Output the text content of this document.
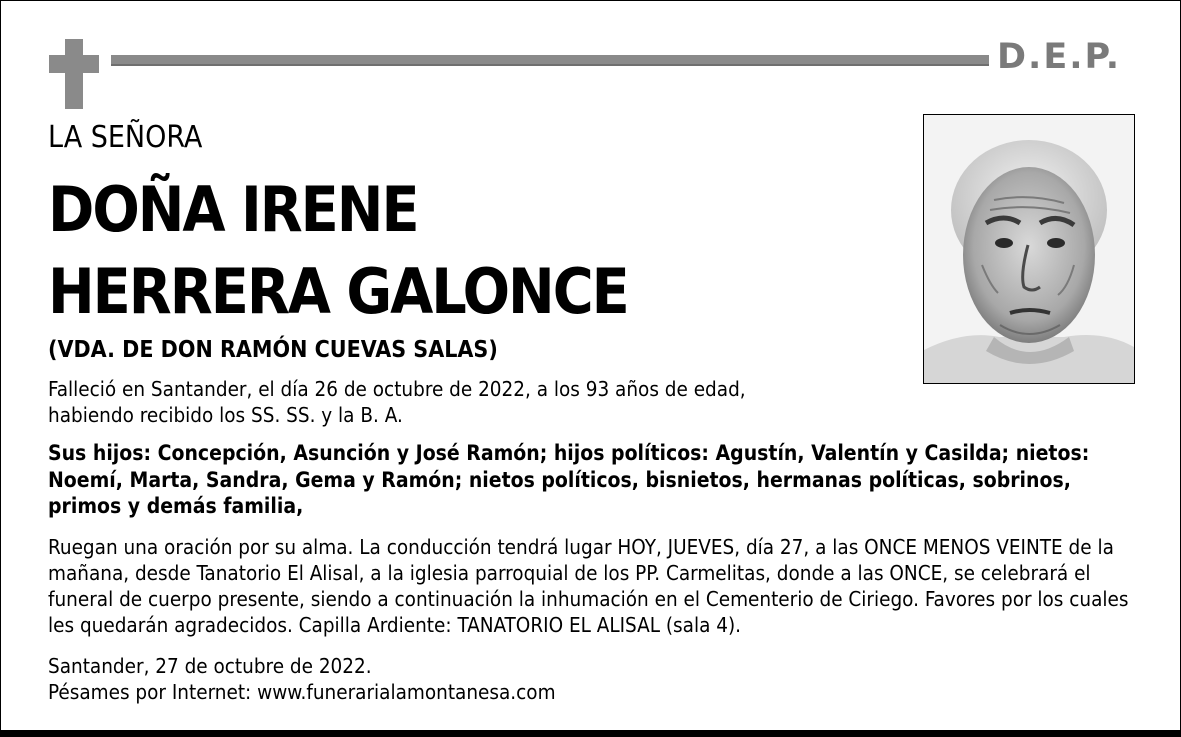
D.E.P.
LA SEÑORA
DOÑA IRENE
HERRERA GALONCE
(VDA. DE DON RAMÓN CUEVAS SALAS)
Falleció en Santander, el día 26 de octubre de 2022, a los 93 años de edad,
habiendo recibido los SS. SS. y la B. A.
Sus hijos: Concepción, Asunción y José Ramón; hijos políticos: Agustín, Valentín y Casilda; nietos: Noemí, Marta, Sandra, Gema y Ramón; nietos políticos, bisnietos, hermanas políticas, sobrinos, primos y demás familia,
Ruegan una oración por su alma. La conducción tendrá lugar HOY, JUEVES, día 27, a las ONCE MENOS VEINTE de la mañana, desde Tanatorio El Alisal, a la iglesia parroquial de los PP. Carmelitas, donde a las ONCE, se celebrará el funeral de cuerpo presente, siendo a continuación la inhumación en el Cementerio de Ciriego. Favores por los cuales les quedarán agradecidos. Capilla Ardiente: TANATORIO EL ALISAL (sala 4).
Santander, 27 de octubre de 2022.
Pésames por Internet: www.funerarialamontanesa.com
